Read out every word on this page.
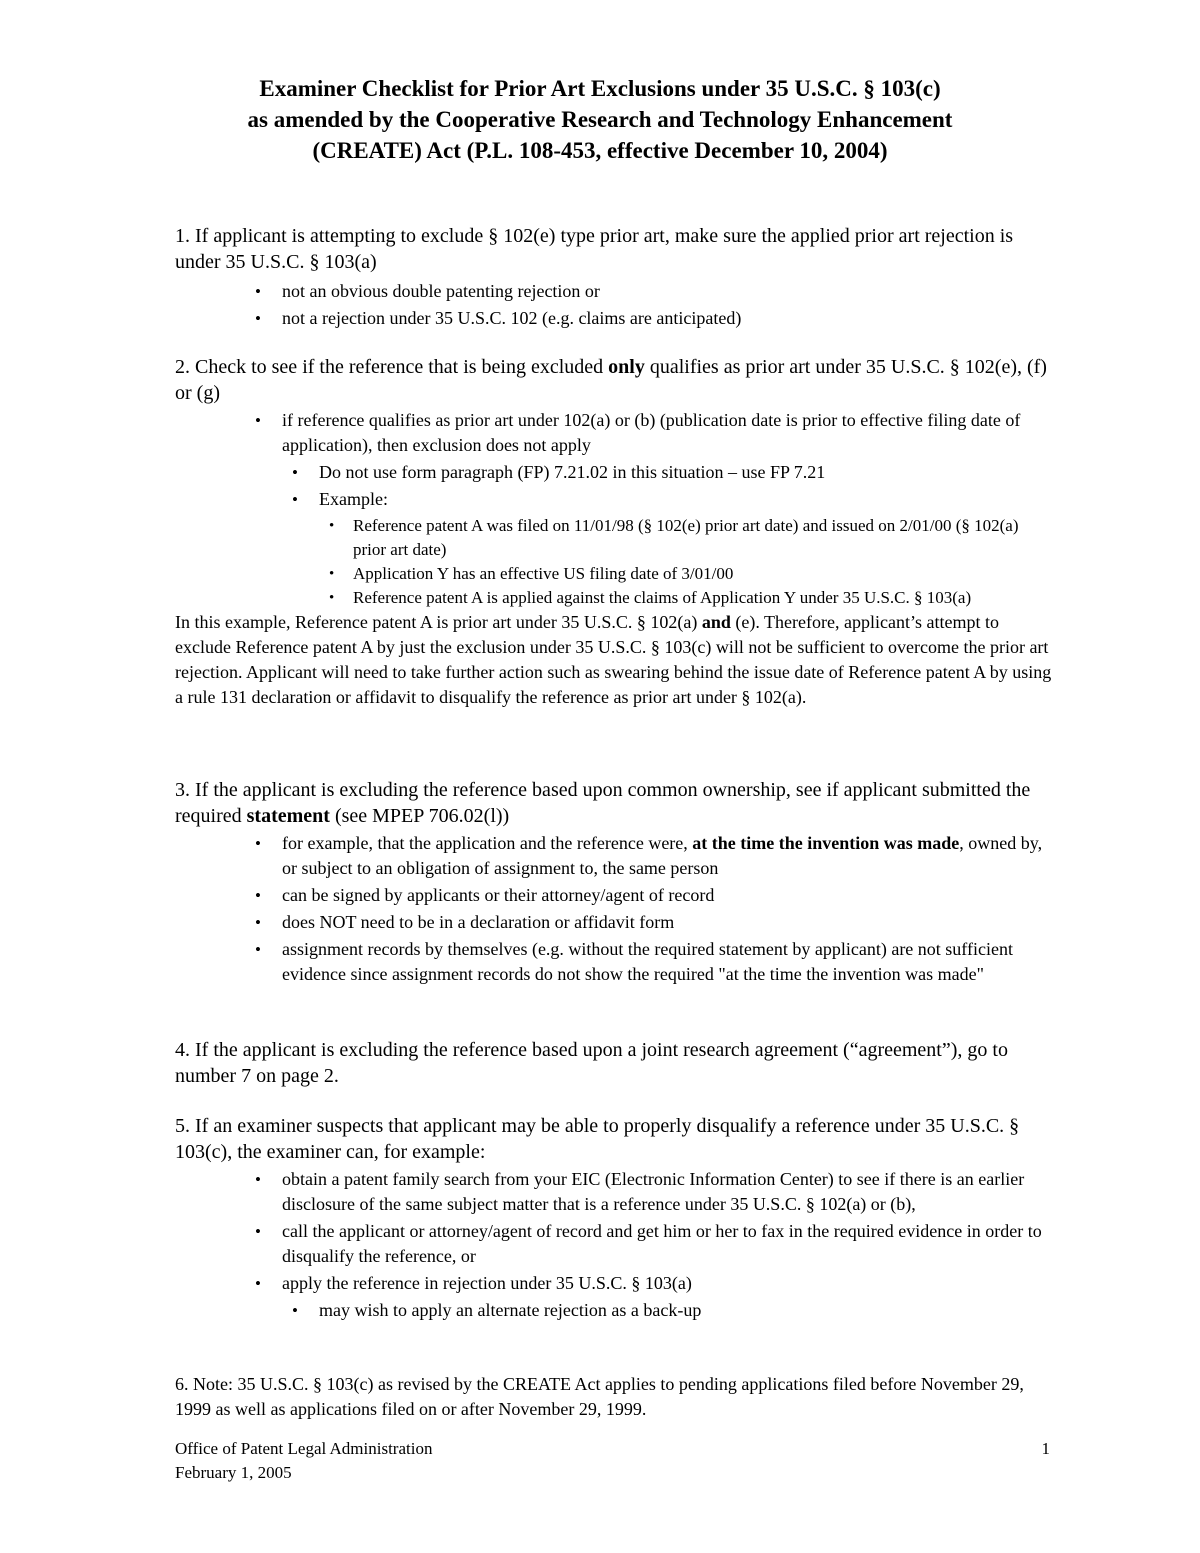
Examiner Checklist for Prior Art Exclusions under 35 U.S.C. § 103(c)
as amended by the Cooperative Research and Technology Enhancement
(CREATE) Act (P.L. 108-453, effective December 10, 2004)

1. If applicant is attempting to exclude § 102(e) type prior art, make sure the applied prior art rejection is under 35 U.S.C. § 103(a)

• not an obvious double patenting rejection or
• not a rejection under 35 U.S.C. 102 (e.g. claims are anticipated)

2. Check to see if the reference that is being excluded only qualifies as prior art under 35 U.S.C. § 102(e), (f) or (g)

• if reference qualifies as prior art under 102(a) or (b) (publication date is prior to effective filing date of application), then exclusion does not apply
• Do not use form paragraph (FP) 7.21.02 in this situation – use FP 7.21
• Example:
• Reference patent A was filed on 11/01/98 (§ 102(e) prior art date) and issued on 2/01/00 (§ 102(a) prior art date)
• Application Y has an effective US filing date of 3/01/00
• Reference patent A is applied against the claims of Application Y under 35 U.S.C. § 103(a)

In this example, Reference patent A is prior art under 35 U.S.C. § 102(a) and (e). Therefore, applicant’s attempt to exclude Reference patent A by just the exclusion under 35 U.S.C. § 103(c) will not be sufficient to overcome the prior art rejection. Applicant will need to take further action such as swearing behind the issue date of Reference patent A by using a rule 131 declaration or affidavit to disqualify the reference as prior art under § 102(a).

3. If the applicant is excluding the reference based upon common ownership, see if applicant submitted the required statement (see MPEP 706.02(l))

• for example, that the application and the reference were, at the time the invention was made, owned by, or subject to an obligation of assignment to, the same person
• can be signed by applicants or their attorney/agent of record
• does NOT need to be in a declaration or affidavit form
• assignment records by themselves (e.g. without the required statement by applicant) are not sufficient evidence since assignment records do not show the required "at the time the invention was made"

4. If the applicant is excluding the reference based upon a joint research agreement (“agreement”), go to number 7 on page 2.

5. If an examiner suspects that applicant may be able to properly disqualify a reference under 35 U.S.C. § 103(c), the examiner can, for example:

• obtain a patent family search from your EIC (Electronic Information Center) to see if there is an earlier disclosure of the same subject matter that is a reference under 35 U.S.C. § 102(a) or (b),
• call the applicant or attorney/agent of record and get him or her to fax in the required evidence in order to disqualify the reference, or
• apply the reference in rejection under 35 U.S.C. § 103(a)
• may wish to apply an alternate rejection as a back-up

6. Note: 35 U.S.C. § 103(c) as revised by the CREATE Act applies to pending applications filed before November 29, 1999 as well as applications filed on or after November 29, 1999.

Office of Patent Legal Administration
February 1, 2005
1
